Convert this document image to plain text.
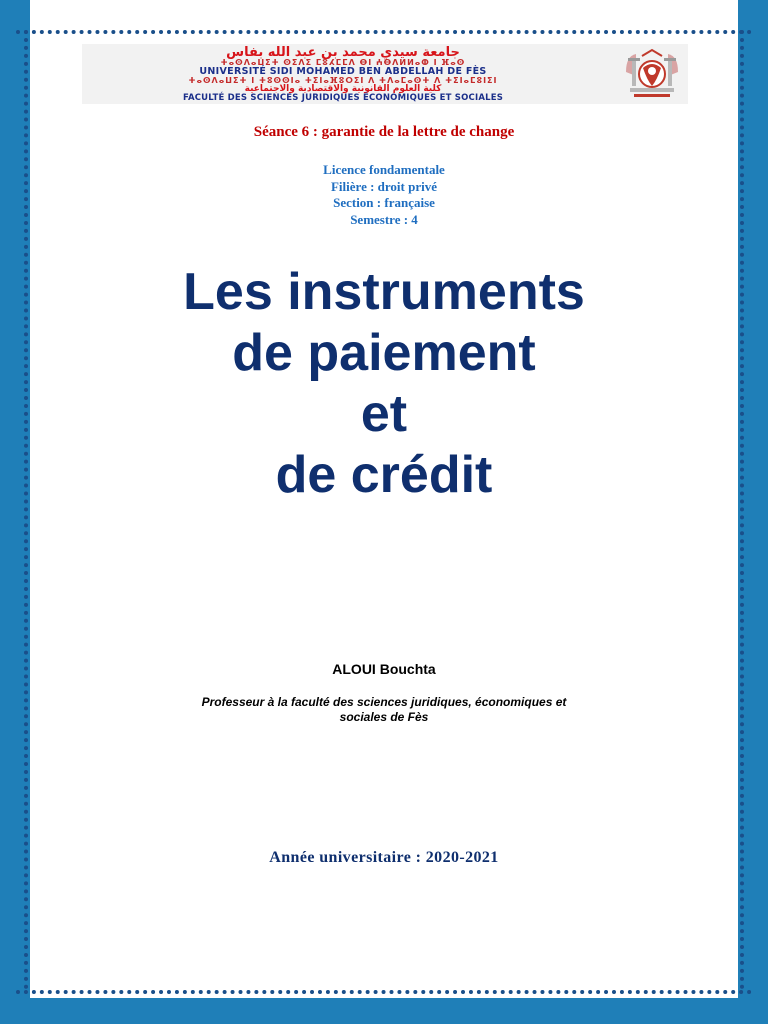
جامعة سيدي محمد بن عبد الله بفاس
ⵜⴰⵙⴷⴰⵡⵉⵜ ⵙⵉⴷⵉ ⵎⵓⵃⵎⵎⴷ ⴱⵏ ⵄⴱⴷⵍⵍⴰⵀ ⵏ ⴼⴰⵙ
UNIVERSITÉ SIDI MOHAMED BEN ABDELLAH DE FÈS
ⵜⴰⵙⴷⴰⵡⵉⵜ ⵏ ⵜⵓⵙⵙⵏⴰ ⵜⵉⵏⴰⴼⵓⵔⵉⵏ ⴷ ⵜⴷⴰⵎⴰⵙⵜ ⴷ ⵜⵉⵏⴰⵎⵓⵏⵉⵏ
كلية العلوم القانونية والاقتصادية والاجتماعية
FACULTÉ DES SCIENCES JURIDIQUES ÉCONOMIQUES ET SOCIALES
Séance 6 : garantie de la lettre de change
Licence fondamentale
Filière : droit privé
Section : française
Semestre : 4
Les instruments
de paiement
et
de crédit
ALOUI Bouchta
Professeur à la faculté des sciences juridiques, économiques et
sociales de Fès
Année universitaire : 2020-2021
